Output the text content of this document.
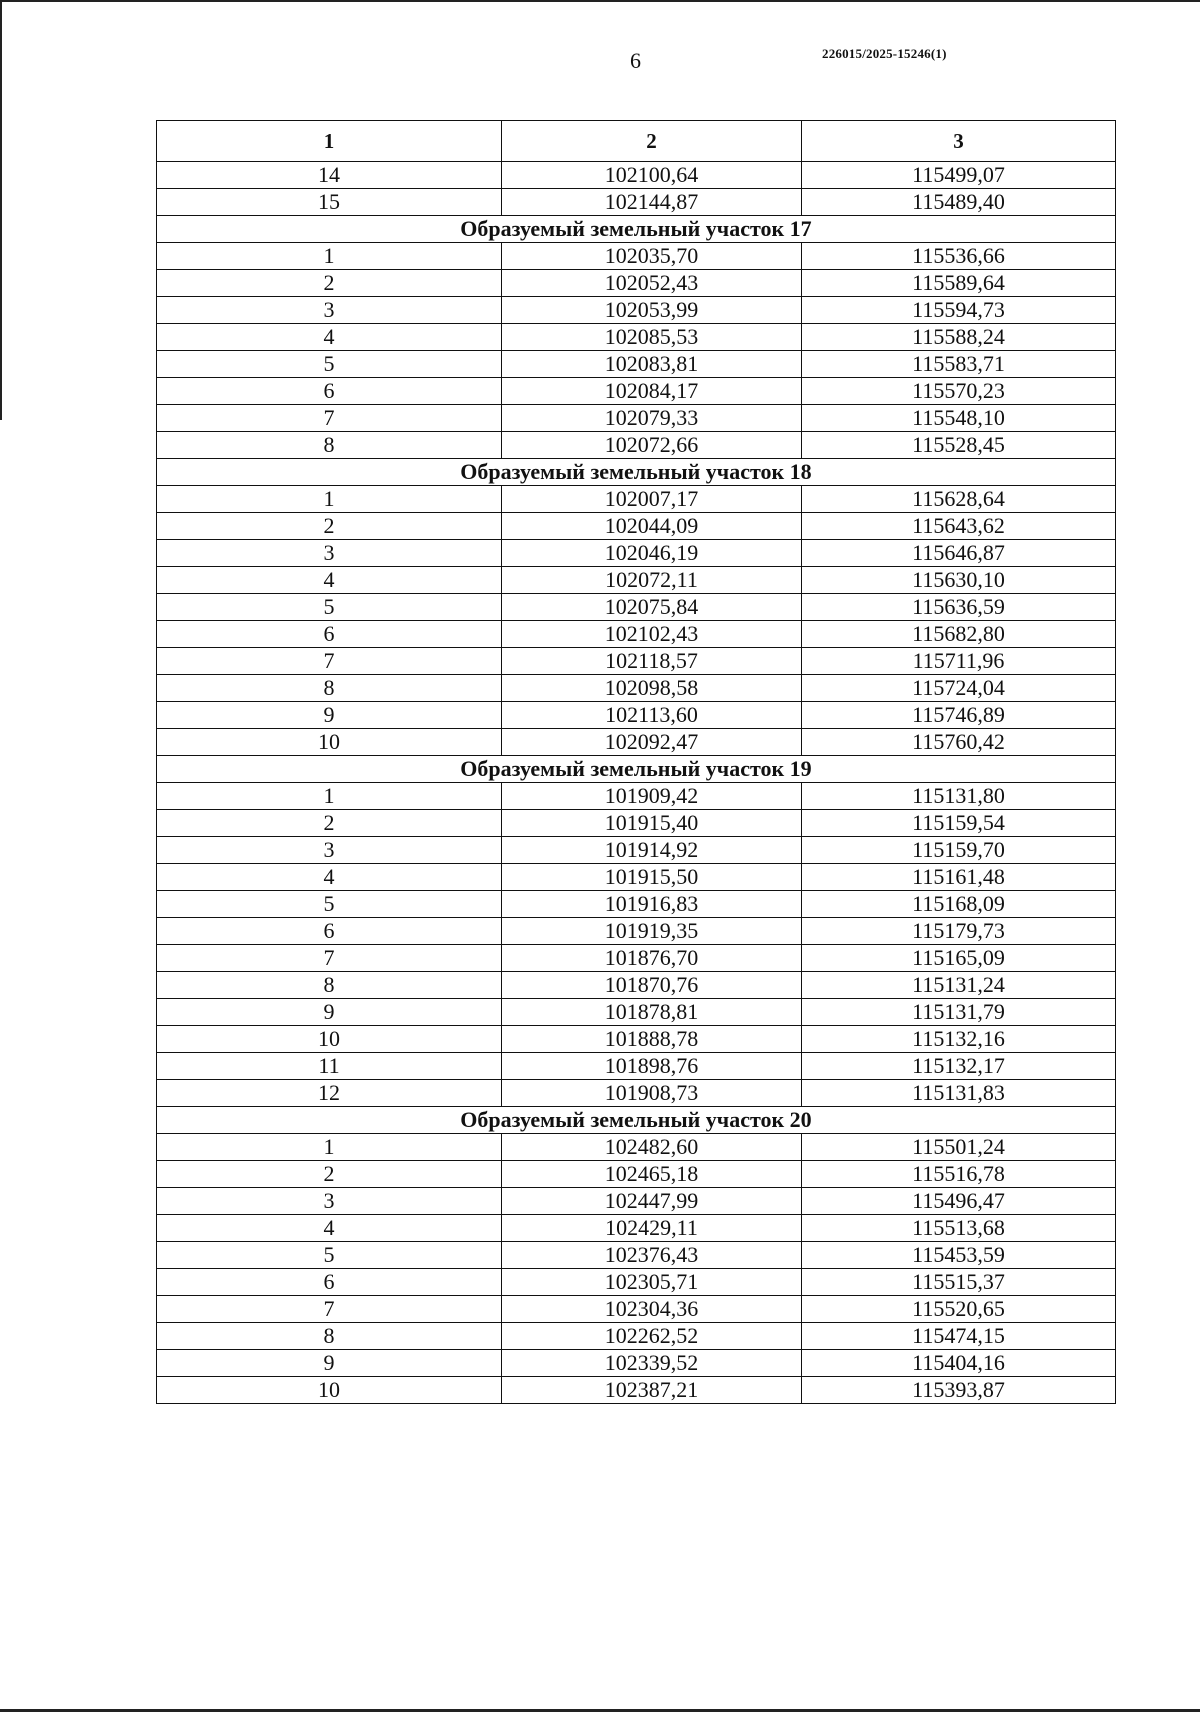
6	226015/2025-15246(1)
1	2	3
14	102100,64	115499,07
15	102144,87	115489,40
Образуемый земельный участок 17		
1	102035,70	115536,66
2	102052,43	115589,64
3	102053,99	115594,73
4	102085,53	115588,24
5	102083,81	115583,71
6	102084,17	115570,23
7	102079,33	115548,10
8	102072,66	115528,45
Образуемый земельный участок 18		
1	102007,17	115628,64
2	102044,09	115643,62
3	102046,19	115646,87
4	102072,11	115630,10
5	102075,84	115636,59
6	102102,43	115682,80
7	102118,57	115711,96
8	102098,58	115724,04
9	102113,60	115746,89
10	102092,47	115760,42
Образуемый земельный участок 19		
1	101909,42	115131,80
2	101915,40	115159,54
3	101914,92	115159,70
4	101915,50	115161,48
5	101916,83	115168,09
6	101919,35	115179,73
7	101876,70	115165,09
8	101870,76	115131,24
9	101878,81	115131,79
10	101888,78	115132,16
11	101898,76	115132,17
12	101908,73	115131,83
Образуемый земельный участок 20		
1	102482,60	115501,24
2	102465,18	115516,78
3	102447,99	115496,47
4	102429,11	115513,68
5	102376,43	115453,59
6	102305,71	115515,37
7	102304,36	115520,65
8	102262,52	115474,15
9	102339,52	115404,16
10	102387,21	115393,87
